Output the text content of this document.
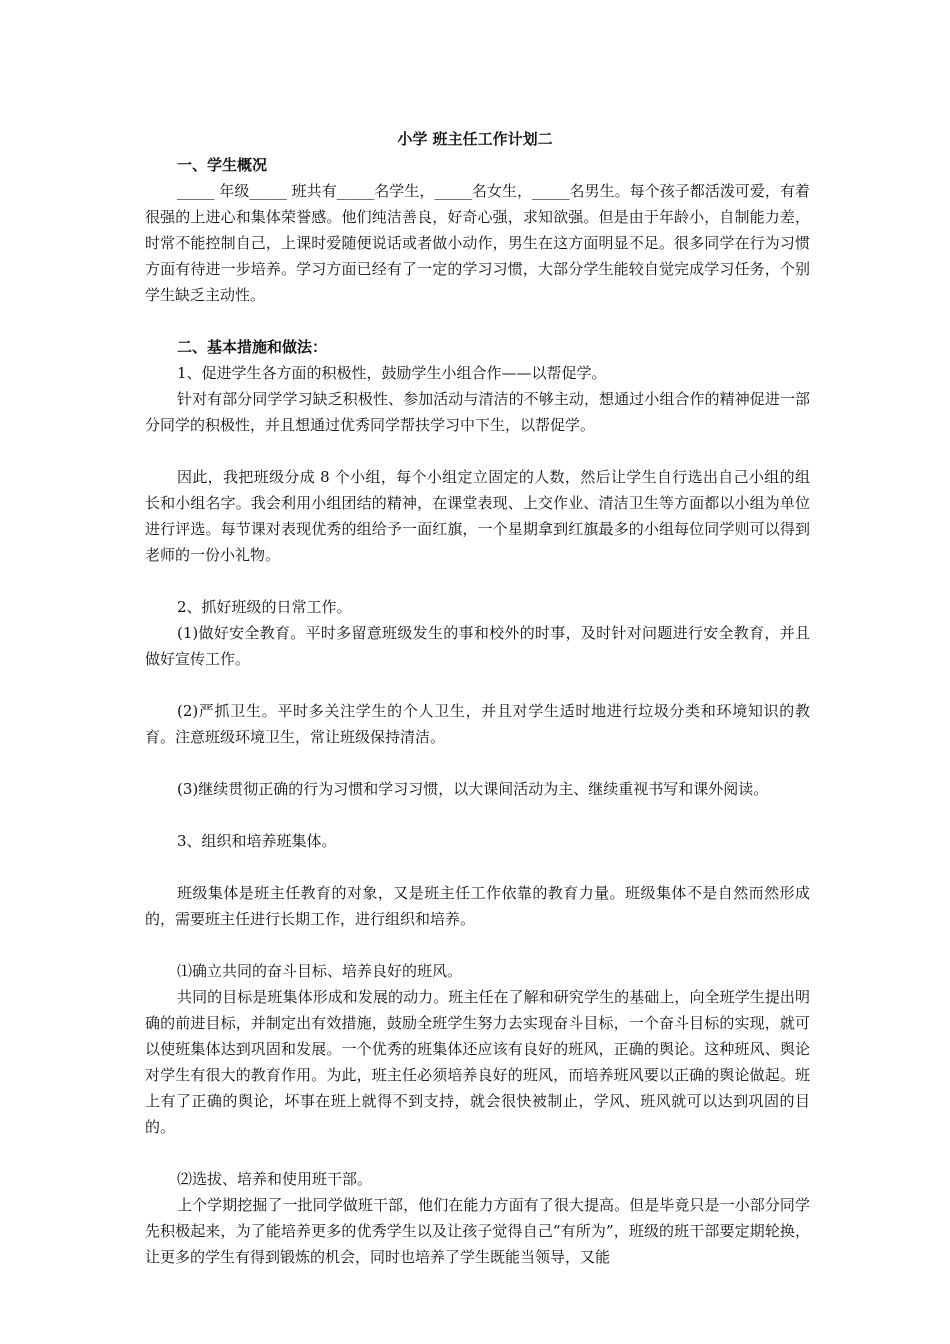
小学 班主任工作计划二

一、学生概况

_____ 年级_____ 班共有_____名学生，_____名女生，_____名男生。每个孩子都活泼可爱，有着很强的上进心和集体荣誉感。他们纯洁善良，好奇心强，求知欲强。但是由于年龄小，自制能力差，时常不能控制自己，上课时爱随便说话或者做小动作，男生在这方面明显不足。很多同学在行为习惯方面有待进一步培养。学习方面已经有了一定的学习习惯，大部分学生能较自觉完成学习任务，个别学生缺乏主动性。

二、基本措施和做法：

1、促进学生各方面的积极性，鼓励学生小组合作——以帮促学。

针对有部分同学学习缺乏积极性、参加活动与清洁的不够主动，想通过小组合作的精神促进一部分同学的积极性，并且想通过优秀同学帮扶学习中下生，以帮促学。

因此，我把班级分成 8 个小组，每个小组定立固定的人数，然后让学生自行选出自己小组的组长和小组名字。我会利用小组团结的精神，在课堂表现、上交作业、清洁卫生等方面都以小组为单位进行评选。每节课对表现优秀的组给予一面红旗，一个星期拿到红旗最多的小组每位同学则可以得到老师的一份小礼物。

2、抓好班级的日常工作。

(1)做好安全教育。平时多留意班级发生的事和校外的时事，及时针对问题进行安全教育，并且做好宣传工作。

(2)严抓卫生。平时多关注学生的个人卫生，并且对学生适时地进行垃圾分类和环境知识的教育。注意班级环境卫生，常让班级保持清洁。

(3)继续贯彻正确的行为习惯和学习习惯，以大课间活动为主、继续重视书写和课外阅读。

3、组织和培养班集体。

班级集体是班主任教育的对象，又是班主任工作依靠的教育力量。班级集体不是自然而然形成的，需要班主任进行长期工作，进行组织和培养。

⑴确立共同的奋斗目标、培养良好的班风。

共同的目标是班集体形成和发展的动力。班主任在了解和研究学生的基础上，向全班学生提出明确的前进目标，并制定出有效措施，鼓励全班学生努力去实现奋斗目标，一个奋斗目标的实现，就可以使班集体达到巩固和发展。一个优秀的班集体还应该有良好的班风，正确的舆论。这种班风、舆论对学生有很大的教育作用。为此，班主任必须培养良好的班风，而培养班风要以正确的舆论做起。班上有了正确的舆论，坏事在班上就得不到支持，就会很快被制止，学风、班风就可以达到巩固的目的。

⑵选拔、培养和使用班干部。

上个学期挖掘了一批同学做班干部，他们在能力方面有了很大提高。但是毕竟只是一小部分同学先积极起来，为了能培养更多的优秀学生以及让孩子觉得自己“有所为”，班级的班干部要定期轮换，让更多的学生有得到锻炼的机会，同时也培养了学生既能当领导，又能
